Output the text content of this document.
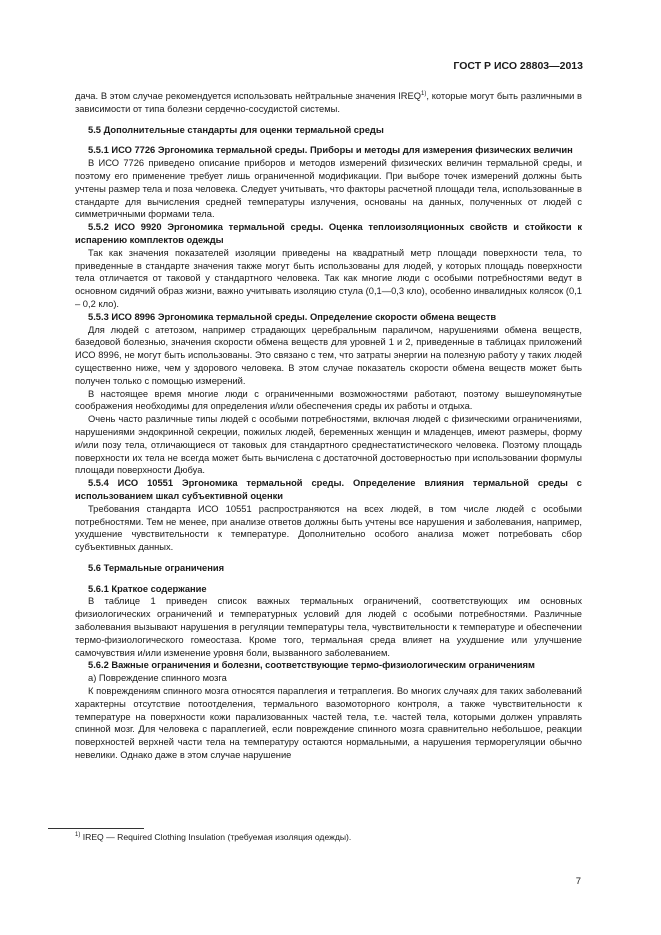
ГОСТ Р ИСО 28803—2013

дача. В этом случае рекомендуется использовать нейтральные значения IREQ$^{1)}$, которые могут быть различными в зависимости от типа болезни сердечно-сосудистой системы.

5.5 Дополнительные стандарты для оценки термальной среды

5.5.1 ИСО 7726 Эргономика термальной среды. Приборы и методы для измерения физических величин

В ИСО 7726 приведено описание приборов и методов измерений физических величин термальной среды, и поэтому его применение требует лишь ограниченной модификации. При выборе точек измерений должны быть учтены размер тела и поза человека. Следует учитывать, что факторы расчетной площади тела, использованные в стандарте для вычисления средней температуры излучения, основаны на данных, полученных от людей с симметричными формами тела.

5.5.2 ИСО 9920 Эргономика термальной среды. Оценка теплоизоляционных свойств и стойкости к испарению комплектов одежды

Так как значения показателей изоляции приведены на квадратный метр площади поверхности тела, то приведенные в стандарте значения также могут быть использованы для людей, у которых площадь поверхности тела отличается от таковой у стандартного человека. Так как многие люди с особыми потребностями ведут в основном сидячий образ жизни, важно учитывать изоляцию стула (0,1—0,3 кло), особенно инвалидных колясок (0,1 – 0,2 кло).

5.5.3 ИСО 8996 Эргономика термальной среды. Определение скорости обмена веществ

Для людей с атетозом, например страдающих церебральным параличом, нарушениями обмена веществ, базедовой болезнью, значения скорости обмена веществ для уровней 1 и 2, приведенные в таблицах приложений ИСО 8996, не могут быть использованы. Это связано с тем, что затраты энергии на полезную работу у таких людей существенно ниже, чем у здорового человека. В этом случае показатель скорости обмена веществ может быть получен только с помощью измерений.

В настоящее время многие люди с ограниченными возможностями работают, поэтому вышеупомянутые соображения необходимы для определения и/или обеспечения среды их работы и отдыха.

Очень часто различные типы людей с особыми потребностями, включая людей с физическими ограничениями, нарушениями эндокринной секреции, пожилых людей, беременных женщин и младенцев, имеют размеры, форму и/или позу тела, отличающиеся от таковых для стандартного среднестатистического человека. Поэтому площадь поверхности их тела не всегда может быть вычислена с достаточной достоверностью при использовании формулы площади поверхности Дюбуа.

5.5.4 ИСО 10551 Эргономика термальной среды. Определение влияния термальной среды с использованием шкал субъективной оценки

Требования стандарта ИСО 10551 распространяются на всех людей, в том числе людей с особыми потребностями. Тем не менее, при анализе ответов должны быть учтены все нарушения и заболевания, например, ухудшение чувствительности к температуре. Дополнительно особого анализа может потребовать сбор субъективных данных.

5.6 Термальные ограничения

5.6.1 Краткое содержание

В таблице 1 приведен список важных термальных ограничений, соответствующих им основных физиологических ограничений и температурных условий для людей с особыми потребностями. Различные заболевания вызывают нарушения в регуляции температуры тела, чувствительности к температуре и обеспечении термо-физиологического гомеостаза. Кроме того, термальная среда влияет на ухудшение или улучшение самочувствия и/или изменение уровня боли, вызванного заболеванием.

5.6.2 Важные ограничения и болезни, соответствующие термо-физиологическим ограничениям

а) Повреждение спинного мозга

К повреждениям спинного мозга относятся параплегия и тетраплегия. Во многих случаях для таких заболеваний характерны отсутствие потоотделения, термального вазомоторного контроля, а также чувствительности к температуре на поверхности кожи парализованных частей тела, т.е. частей тела, которыми должен управлять спинной мозг. Для человека с параплегией, если повреждение спинного мозга сравнительно небольшое, реакции поверхностей верхней части тела на температуру остаются нормальными, а нарушения терморегуляции обычно невелики. Однако даже в этом случае нарушение

$^{1)}$ IREQ — Required Clothing Insulation (требуемая изоляция одежды).
7
